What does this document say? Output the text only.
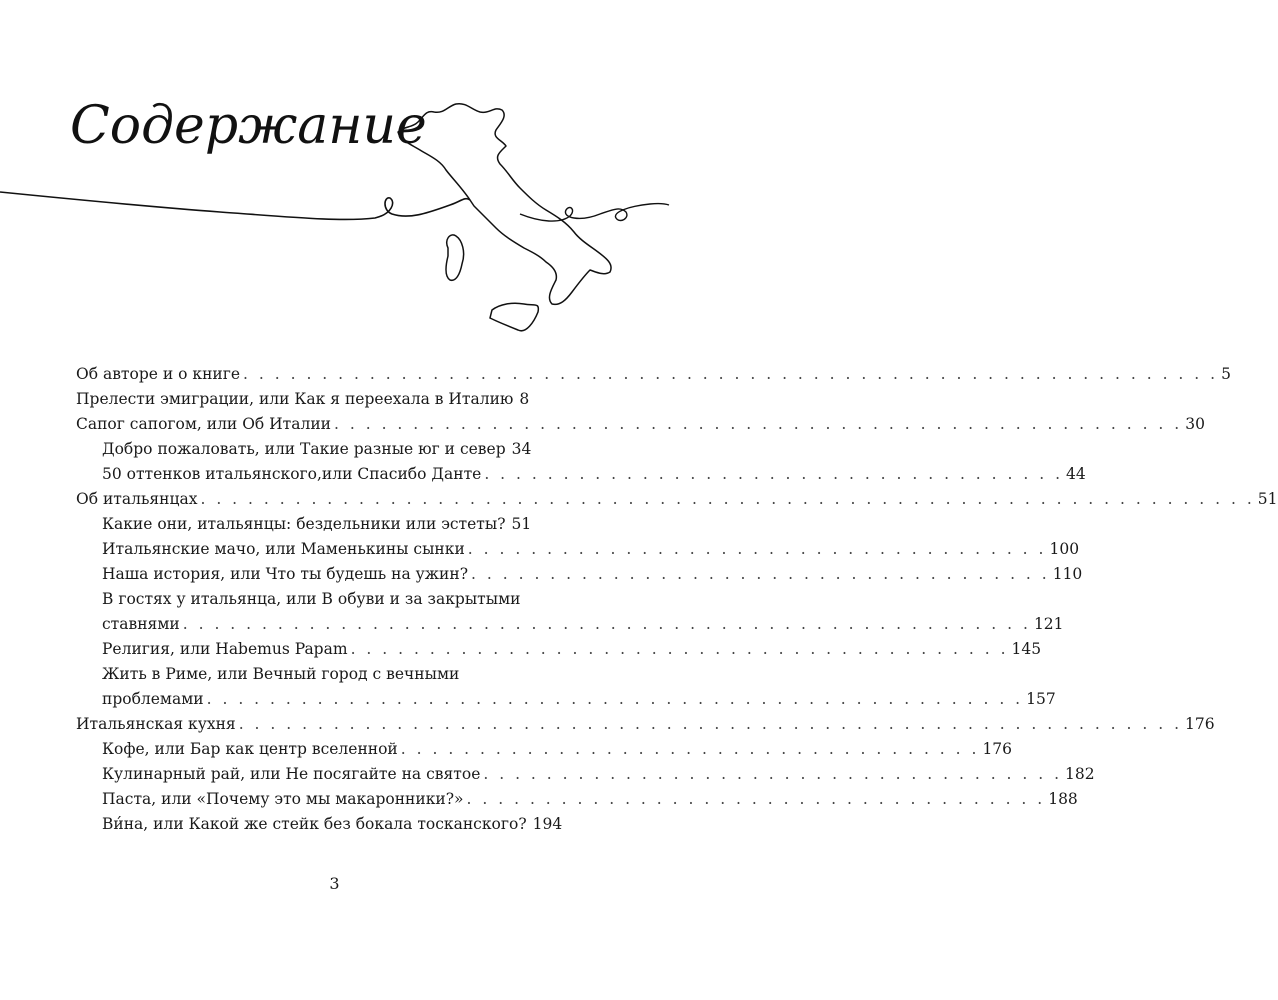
Содержание
Об авторе и о книге . . . . . . . . . . . . . . . . . . . . . . . . . . . . . . . . . . . . . . . . . . . . . . . . . . . . . . . . . . . . . . 5
Прелести эмиграции, или Как я переехала в Италию 8
Сапог сапогом, или Об Италии . . . . . . . . . . . . . . . . . . . . . . . . . . . . . . . . . . . . . . . . . . . . . . . . . . . . . . 30
Добро пожаловать, или Такие разные юг и север 34
50 оттенков итальянского,или Спасибо Данте . . . . . . . . . . . . . . . . . . . . . . . . . . . . . . . . . . . . . 44
Об итальянцах . . . . . . . . . . . . . . . . . . . . . . . . . . . . . . . . . . . . . . . . . . . . . . . . . . . . . . . . . . . . . . . . . . . 51
Какие они, итальянцы: бездельники или эстеты? 51
Итальянские мачо, или Маменькины сынки . . . . . . . . . . . . . . . . . . . . . . . . . . . . . . . . . . . . . 100
Наша история, или Что ты будешь на ужин? . . . . . . . . . . . . . . . . . . . . . . . . . . . . . . . . . . . . . 110
В гостях у итальянца, или В обуви и за закрытыми
ставнями . . . . . . . . . . . . . . . . . . . . . . . . . . . . . . . . . . . . . . . . . . . . . . . . . . . . . . 121
Религия, или Habemus Papam . . . . . . . . . . . . . . . . . . . . . . . . . . . . . . . . . . . . . . . . . . 145
Жить в Риме, или Вечный город с вечными
проблемами . . . . . . . . . . . . . . . . . . . . . . . . . . . . . . . . . . . . . . . . . . . . . . . . . . . . 157
Итальянская кухня . . . . . . . . . . . . . . . . . . . . . . . . . . . . . . . . . . . . . . . . . . . . . . . . . . . . . . . . . . . . 176
Кофе, или Бар как центр вселенной . . . . . . . . . . . . . . . . . . . . . . . . . . . . . . . . . . . . . 176
Кулинарный рай, или Не посягайте на святое . . . . . . . . . . . . . . . . . . . . . . . . . . . . . . . . . . . . . 182
Паста, или «Почему это мы макаронники?» . . . . . . . . . . . . . . . . . . . . . . . . . . . . . . . . . . . . . 188
Ви́на, или Какой же стейк без бокала тосканского? 194
3
